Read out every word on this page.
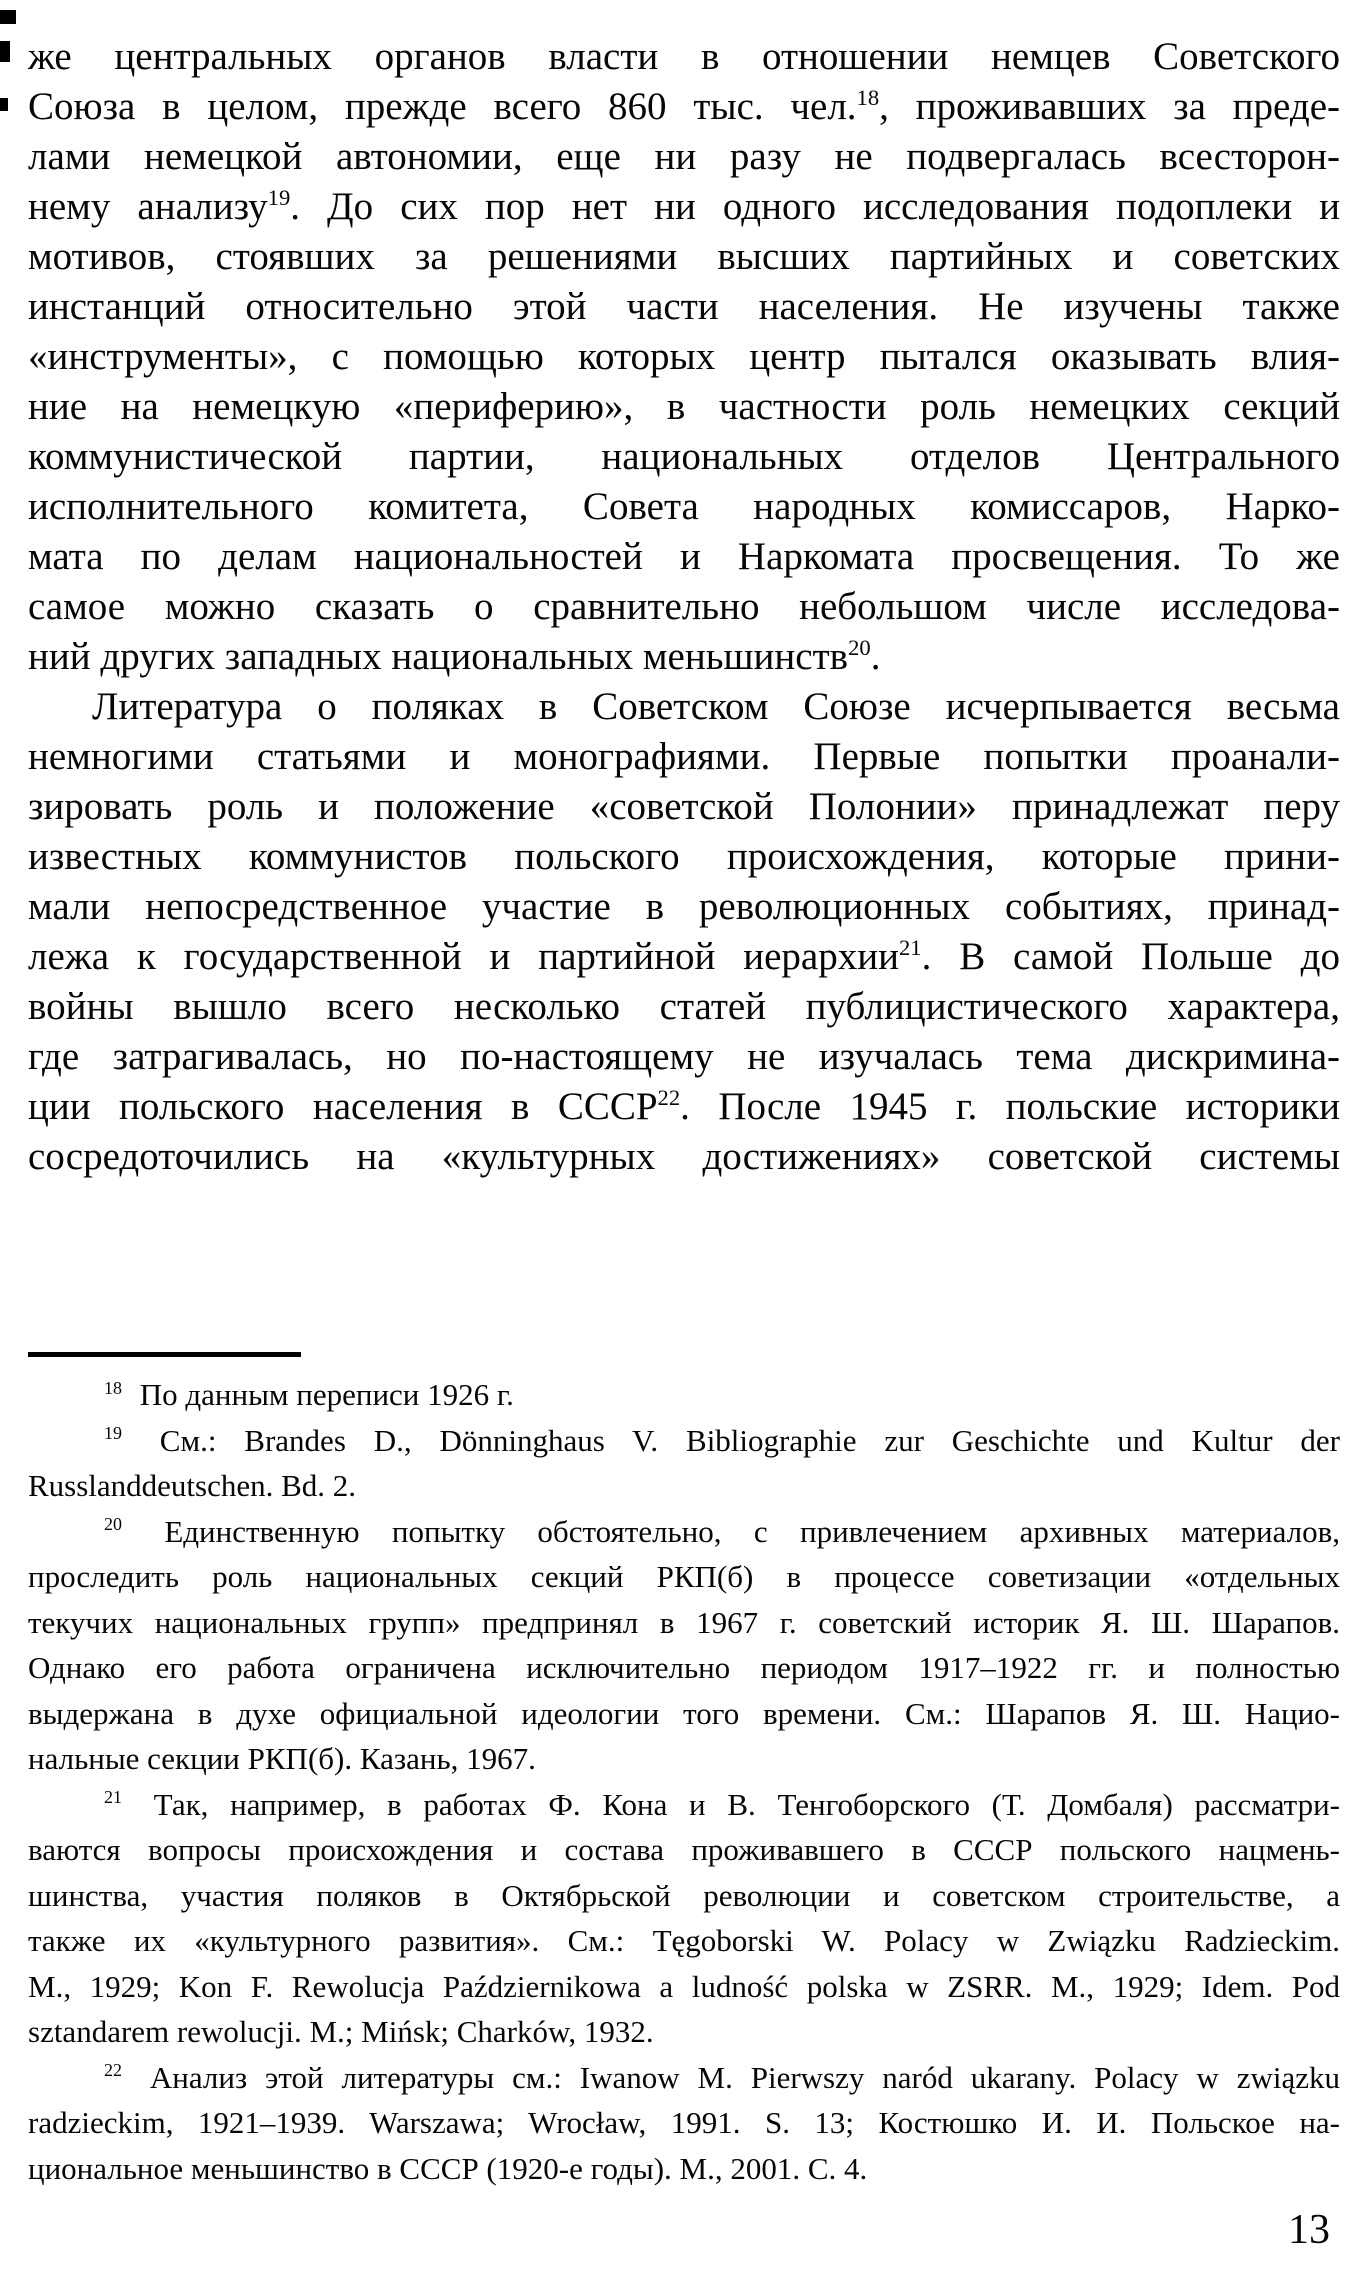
же центральных органов власти в отношении немцев Советского
Союза в целом, прежде всего 860 тыс. чел.$^{18}$, проживавших за преде-
лами немецкой автономии, еще ни разу не подвергалась всесторон-
нему анализу$^{19}$. До сих пор нет ни одного исследования подоплеки и
мотивов, стоявших за решениями высших партийных и советских
инстанций относительно этой части населения. Не изучены также
«инструменты», с помощью которых центр пытался оказывать влия-
ние на немецкую «периферию», в частности роль немецких секций
коммунистической партии, национальных отделов Центрального
исполнительного комитета, Совета народных комиссаров, Нарко-
мата по делам национальностей и Наркомата просвещения. То же
самое можно сказать о сравнительно небольшом числе исследова-
ний других западных национальных меньшинств$^{20}$.
Литература о поляках в Советском Союзе исчерпывается весьма
немногими статьями и монографиями. Первые попытки проанали-
зировать роль и положение «советской Полонии» принадлежат перу
известных коммунистов польского происхождения, которые прини-
мали непосредственное участие в революционных событиях, принад-
лежа к государственной и партийной иерархии$^{21}$. В самой Польше до
войны вышло всего несколько статей публицистического характера,
где затрагивалась, но по-настоящему не изучалась тема дискримина-
ции польского населения в СССР$^{22}$. После 1945 г. польские историки
сосредоточились на «культурных достижениях» советской системы
$^{18}$ По данным переписи 1926 г.
$^{19}$ См.: Brandes D., Dönninghaus V. Bibliographie zur Geschichte und Kultur der
Russlanddeutschen. Bd. 2.
$^{20}$ Единственную попытку обстоятельно, с привлечением архивных материалов,
проследить роль национальных секций РКП(б) в процессе советизации «отдельных
текучих национальных групп» предпринял в 1967 г. советский историк Я. Ш. Шарапов.
Однако его работа ограничена исключительно периодом 1917–1922 гг. и полностью
выдержана в духе официальной идеологии того времени. См.: Шарапов Я. Ш. Нацио-
нальные секции РКП(б). Казань, 1967.
$^{21}$ Так, например, в работах Ф. Кона и В. Тенгоборского (Т. Домбаля) рассматри-
ваются вопросы происхождения и состава проживавшего в СССР польского нацмень-
шинства, участия поляков в Октябрьской революции и советском строительстве, а
также их «культурного развития». См.: Tęgoborski W. Polacy w Związku Radzieckim.
М., 1929; Kon F. Rewolucja Październikowa a ludność polska w ZSRR. М., 1929; Idem. Pod
sztandarem rewolucji. М.; Mińsk; Charków, 1932.
$^{22}$ Анализ этой литературы см.: Iwanow M. Pierwszy naród ukarany. Polacy w związku
radzieckim, 1921–1939. Warszawa; Wrocław, 1991. S. 13; Костюшко И. И. Польское на-
циональное меньшинство в СССР (1920-е годы). М., 2001. С. 4.
13
